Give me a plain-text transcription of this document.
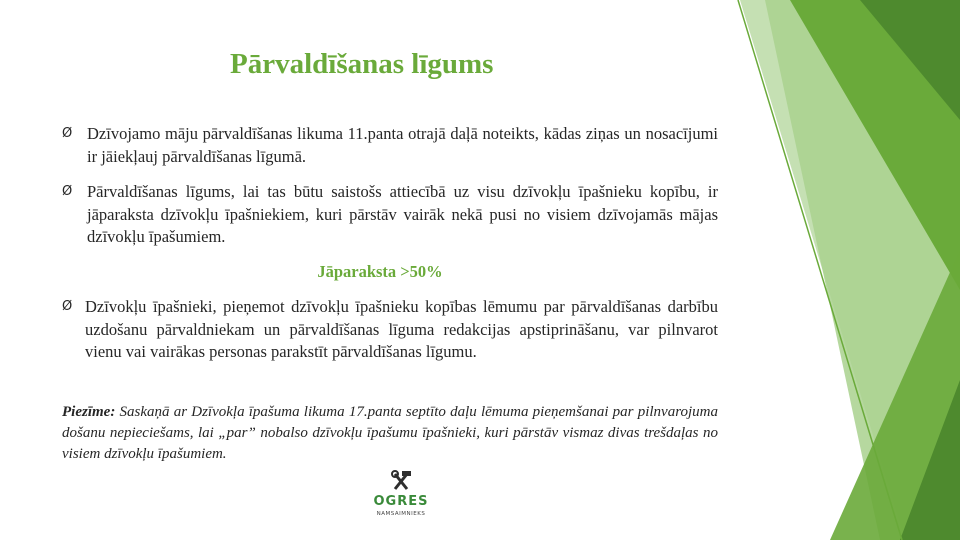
Pārvaldīšanas līgums
Ø Dzīvojamo māju pārvaldīšanas likuma 11.panta otrajā daļā noteikts, kādas ziņas un nosacījumi ir jāiekļauj pārvaldīšanas līgumā.
Ø Pārvaldīšanas līgums, lai tas būtu saistošs attiecībā uz visu dzīvokļu īpašnieku kopību, ir jāparaksta dzīvokļu īpašniekiem, kuri pārstāv vairāk nekā pusi no visiem dzīvojamās mājas dzīvokļu īpašumiem.
Jāparaksta >50%
Ø Dzīvokļu īpašnieki, pieņemot dzīvokļu īpašnieku kopības lēmumu par pārvaldīšanas darbību uzdošanu pārvaldniekam un pārvaldīšanas līguma redakcijas apstiprināšanu, var pilnvarot vienu vai vairākas personas parakstīt pārvaldīšanas līgumu.
Piezīme: Saskaņā ar Dzīvokļa īpašuma likuma 17.panta septīto daļu lēmuma pieņemšanai par pilnvarojuma došanu nepieciešams, lai „par” nobalso dzīvokļu īpašumu īpašnieki, kuri pārstāv vismaz divas trešdaļas no visiem dzīvokļu īpašumiem.
OGRES
NAMSAIMNIEKS
